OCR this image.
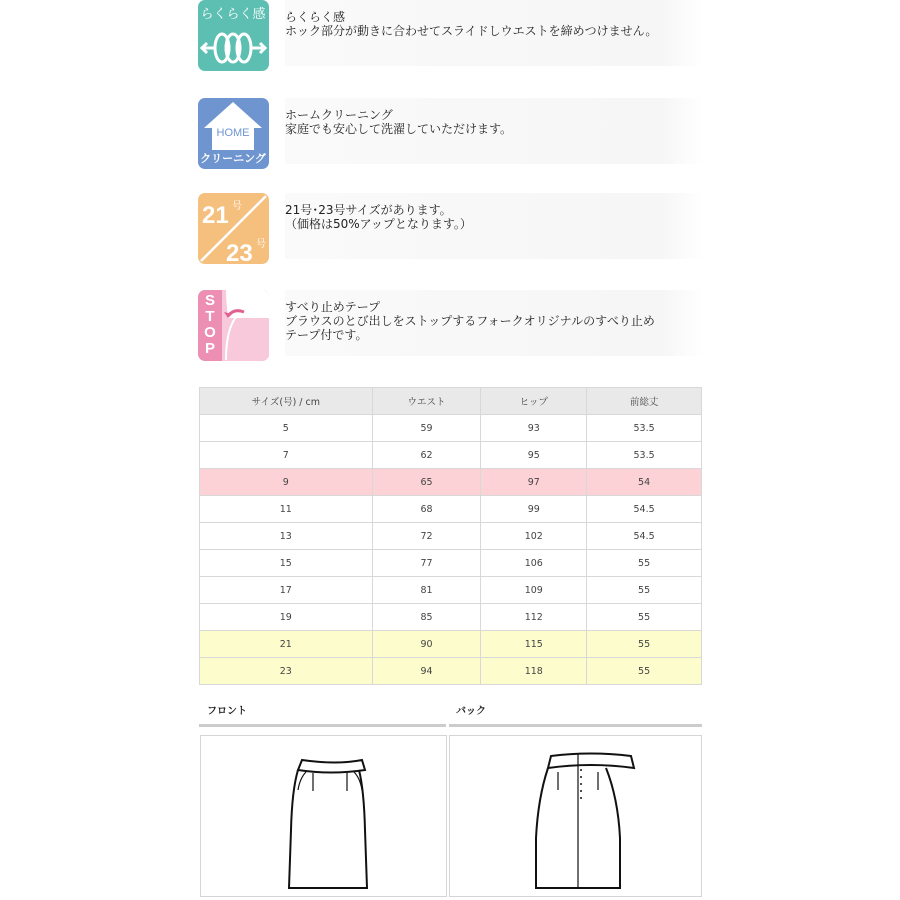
らくらく感 らくらく感
ホック部分が動きに合わせてスライドしウエストを締めつけません。
HOME
クリーニング
ホームクリーニング
家庭でも安心して洗濯していただけます。
21 号
23 号
21号･23号サイズがあります。
（価格は50%アップとなります。）
STOP
すべり止めテープ
ブラウスのとび出しをストップするフォークオリジナルのすべり止め
テープ付です。
サイズ(号) / cm	ウエスト	ヒップ	前総丈
5	59	93	53.5
7	62	95	53.5
9	65	97	54
11	68	99	54.5
13	72	102	54.5
15	77	106	55
17	81	109	55
19	85	112	55
21	90	115	55
23	94	118	55
フロント	バック
